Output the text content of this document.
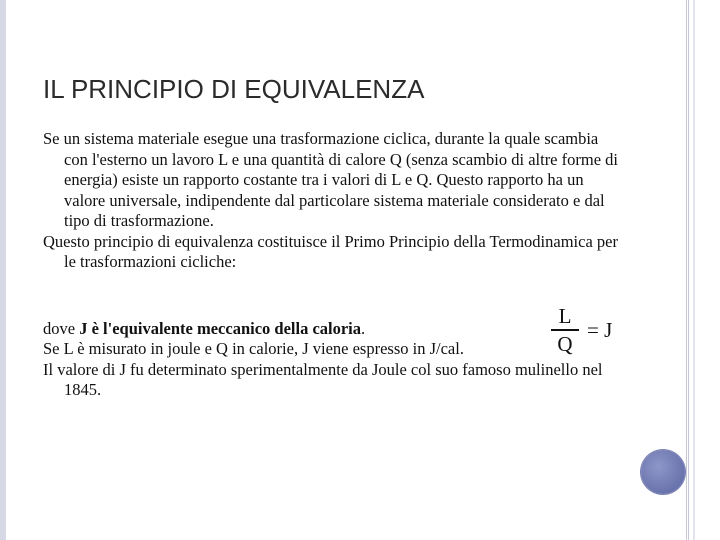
IL PRINCIPIO DI EQUIVALENZA

Se un sistema materiale esegue una trasformazione ciclica, durante la quale scambia con l'esterno un lavoro L e una quantità di calore Q (senza scambio di altre forme di energia) esiste un rapporto costante tra i valori di L e Q. Questo rapporto ha un valore universale, indipendente dal particolare sistema materiale considerato e dal tipo di trasformazione.

Questo principio di equivalenza costituisce il Primo Principio della Termodinamica per le trasformazioni cicliche:

dove J è l'equivalente meccanico della caloria.

Se L è misurato in joule e Q in calorie, J viene espresso in J/cal.

Il valore di J fu determinato sperimentalmente da Joule col suo famoso mulinello nel 1845.

$\frac{L}{Q} = J$
